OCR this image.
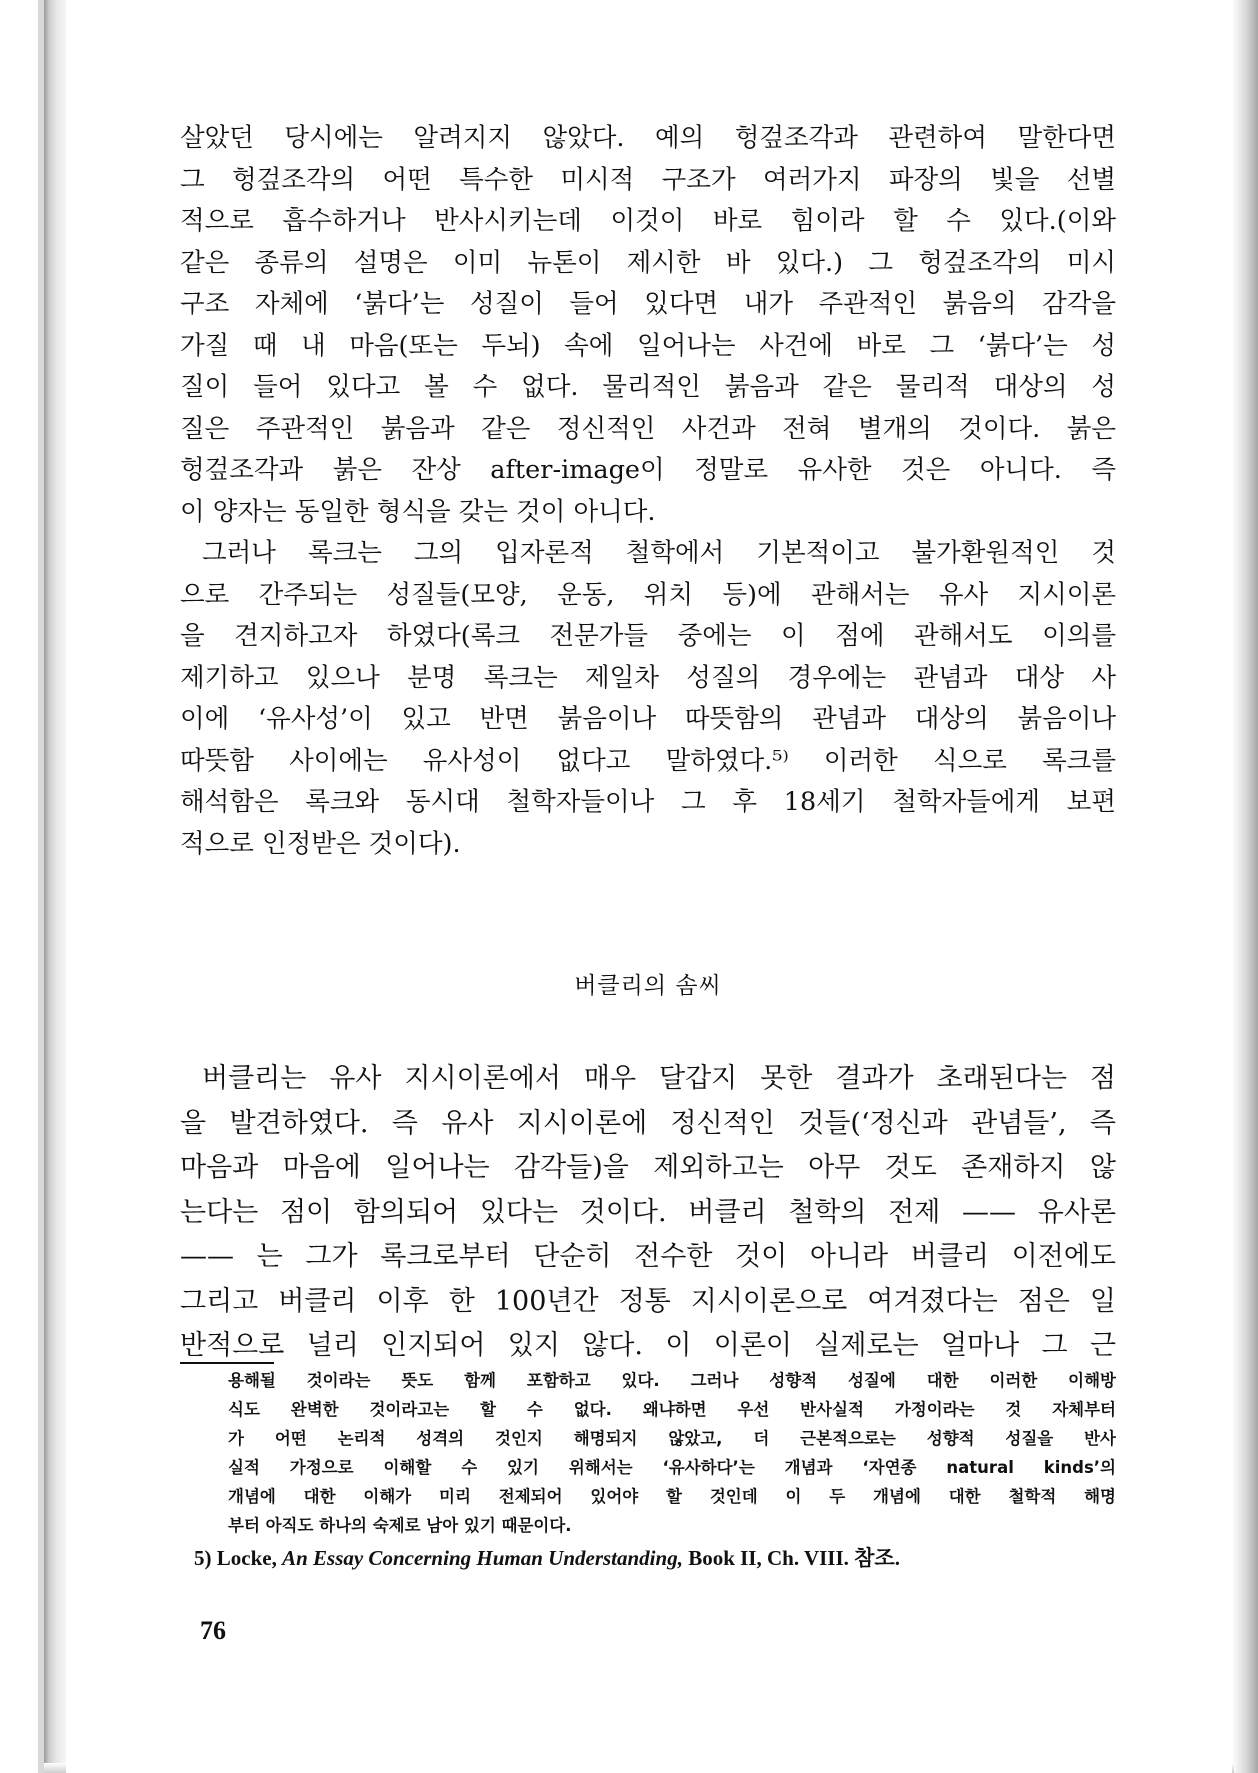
살았던 당시에는 알려지지 않았다. 예의 헝겊조각과 관련하여 말한다면
그 헝겊조각의 어떤 특수한 미시적 구조가 여러가지 파장의 빛을 선별
적으로 흡수하거나 반사시키는데 이것이 바로 힘이라 할 수 있다.(이와
같은 종류의 설명은 이미 뉴톤이 제시한 바 있다.) 그 헝겊조각의 미시
구조 자체에 ‘붉다’는 성질이 들어 있다면 내가 주관적인 붉음의 감각을
가질 때 내 마음(또는 두뇌) 속에 일어나는 사건에 바로 그 ‘붉다’는 성
질이 들어 있다고 볼 수 없다. 물리적인 붉음과 같은 물리적 대상의 성
질은 주관적인 붉음과 같은 정신적인 사건과 전혀 별개의 것이다. 붉은
헝겊조각과 붉은 잔상 after-image이 정말로 유사한 것은 아니다. 즉
이 양자는 동일한 형식을 갖는 것이 아니다.
그러나 록크는 그의 입자론적 철학에서 기본적이고 불가환원적인 것
으로 간주되는 성질들(모양, 운동, 위치 등)에 관해서는 유사 지시이론
을 견지하고자 하였다(록크 전문가들 중에는 이 점에 관해서도 이의를
제기하고 있으나 분명 록크는 제일차 성질의 경우에는 관념과 대상 사
이에 ‘유사성’이 있고 반면 붉음이나 따뜻함의 관념과 대상의 붉음이나
따뜻함 사이에는 유사성이 없다고 말하였다.⁵⁾ 이러한 식으로 록크를
해석함은 록크와 동시대 철학자들이나 그 후 18세기 철학자들에게 보편
적으로 인정받은 것이다).
버클리의 솜씨
버클리는 유사 지시이론에서 매우 달갑지 못한 결과가 초래된다는 점
을 발견하였다. 즉 유사 지시이론에 정신적인 것들(‘정신과 관념들’, 즉
마음과 마음에 일어나는 감각들)을 제외하고는 아무 것도 존재하지 않
는다는 점이 함의되어 있다는 것이다. 버클리 철학의 전제 —— 유사론
—— 는 그가 록크로부터 단순히 전수한 것이 아니라 버클리 이전에도
그리고 버클리 이후 한 100년간 정통 지시이론으로 여겨졌다는 점은 일
반적으로 널리 인지되어 있지 않다. 이 이론이 실제로는 얼마나 그 근
용해될 것이라는 뜻도 함께 포함하고 있다. 그러나 성향적 성질에 대한 이러한 이해방
식도 완벽한 것이라고는 할 수 없다. 왜냐하면 우선 반사실적 가정이라는 것 자체부터
가 어떤 논리적 성격의 것인지 해명되지 않았고, 더 근본적으로는 성향적 성질을 반사
실적 가정으로 이해할 수 있기 위해서는 ‘유사하다’는 개념과 ‘자연종 natural kinds’의
개념에 대한 이해가 미리 전제되어 있어야 할 것인데 이 두 개념에 대한 철학적 해명
부터 아직도 하나의 숙제로 남아 있기 때문이다.
5) Locke, An Essay Concerning Human Understanding, Book II, Ch. VIII. 참조.
76
